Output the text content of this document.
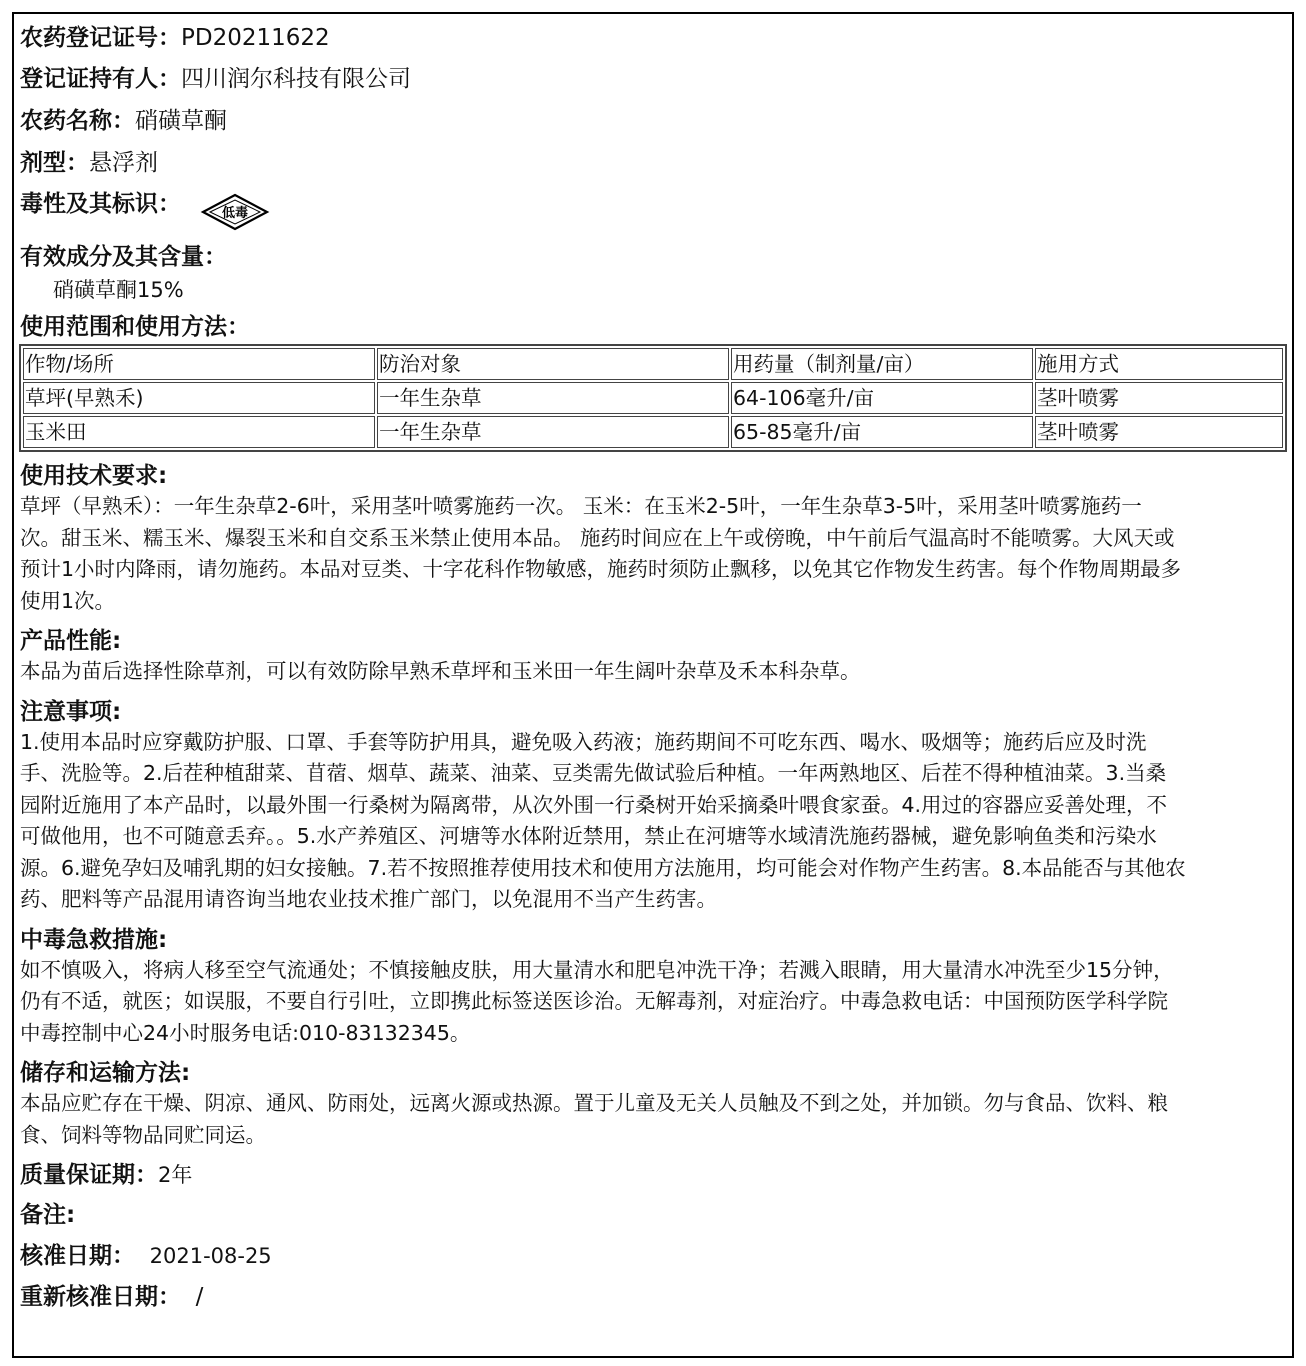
农药登记证号：PD20211622
登记证持有人：四川润尔科技有限公司
农药名称：硝磺草酮
剂型：悬浮剂
毒性及其标识：	低毒
有效成分及其含量：
硝磺草酮15%
使用范围和使用方法：
作物/场所	防治对象	用药量（制剂量/亩）	施用方式
草坪(早熟禾)	一年生杂草	64-106毫升/亩	茎叶喷雾
玉米田	一年生杂草	65-85毫升/亩	茎叶喷雾
使用技术要求:
草坪（早熟禾）：一年生杂草2-6叶，采用茎叶喷雾施药一次。 玉米：在玉米2-5叶，一年生杂草3-5叶，采用茎叶喷雾施药一
次。甜玉米、糯玉米、爆裂玉米和自交系玉米禁止使用本品。 施药时间应在上午或傍晚，中午前后气温高时不能喷雾。大风天或
预计1小时内降雨，请勿施药。本品对豆类、十字花科作物敏感，施药时须防止飘移，以免其它作物发生药害。每个作物周期最多
使用1次。
产品性能:
本品为苗后选择性除草剂，可以有效防除早熟禾草坪和玉米田一年生阔叶杂草及禾本科杂草。
注意事项:
1.使用本品时应穿戴防护服、口罩、手套等防护用具，避免吸入药液；施药期间不可吃东西、喝水、吸烟等；施药后应及时洗
手、洗脸等。2.后茬种植甜菜、苜蓿、烟草、蔬菜、油菜、豆类需先做试验后种植。一年两熟地区、后茬不得种植油菜。3.当桑
园附近施用了本产品时，以最外围一行桑树为隔离带，从次外围一行桑树开始采摘桑叶喂食家蚕。4.用过的容器应妥善处理，不
可做他用，也不可随意丢弃。。5.水产养殖区、河塘等水体附近禁用，禁止在河塘等水域清洗施药器械，避免影响鱼类和污染水
源。6.避免孕妇及哺乳期的妇女接触。7.若不按照推荐使用技术和使用方法施用，均可能会对作物产生药害。8.本品能否与其他农
药、肥料等产品混用请咨询当地农业技术推广部门，以免混用不当产生药害。
中毒急救措施:
如不慎吸入，将病人移至空气流通处；不慎接触皮肤，用大量清水和肥皂冲洗干净；若溅入眼睛，用大量清水冲洗至少15分钟，
仍有不适，就医；如误服，不要自行引吐，立即携此标签送医诊治。无解毒剂，对症治疗。中毒急救电话：中国预防医学科学院
中毒控制中心24小时服务电话:010-83132345。
储存和运输方法:
本品应贮存在干燥、阴凉、通风、防雨处，远离火源或热源。置于儿童及无关人员触及不到之处，并加锁。勿与食品、饮料、粮
食、饲料等物品同贮同运。
质量保证期：2年
备注:
核准日期： 2021-08-25
重新核准日期： /
